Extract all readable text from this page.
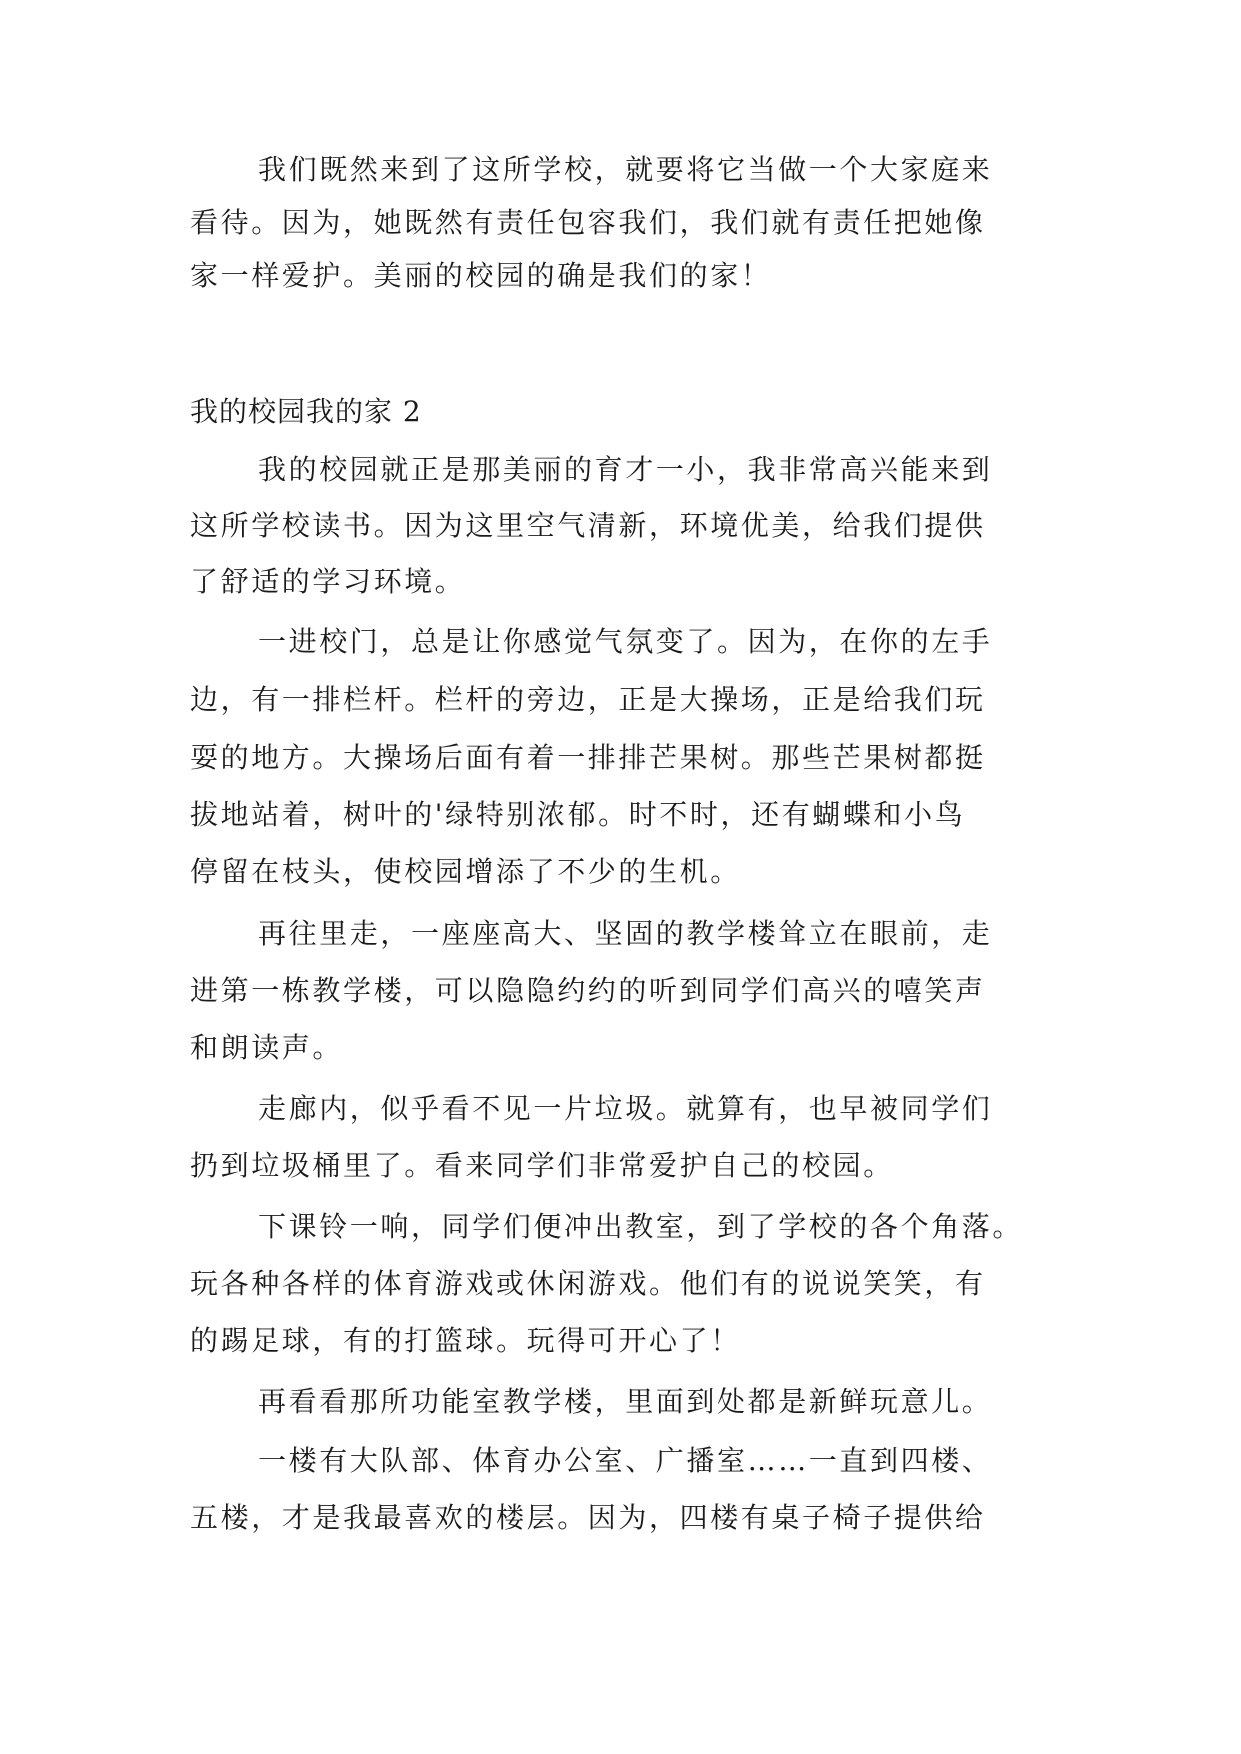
我们既然来到了这所学校，就要将它当做一个大家庭来
看待。因为，她既然有责任包容我们，我们就有责任把她像
家一样爱护。美丽的校园的确是我们的家！
我的校园我的家 2
我的校园就正是那美丽的育才一小，我非常高兴能来到
这所学校读书。因为这里空气清新，环境优美，给我们提供
了舒适的学习环境。
一进校门，总是让你感觉气氛变了。因为，在你的左手
边，有一排栏杆。栏杆的旁边，正是大操场，正是给我们玩
耍的地方。大操场后面有着一排排芒果树。那些芒果树都挺
拔地站着，树叶的'绿特别浓郁。时不时，还有蝴蝶和小鸟
停留在枝头，使校园增添了不少的生机。
再往里走，一座座高大、坚固的教学楼耸立在眼前，走
进第一栋教学楼，可以隐隐约约的听到同学们高兴的嘻笑声
和朗读声。
走廊内，似乎看不见一片垃圾。就算有，也早被同学们
扔到垃圾桶里了。看来同学们非常爱护自己的校园。
下课铃一响，同学们便冲出教室，到了学校的各个角落。
玩各种各样的体育游戏或休闲游戏。他们有的说说笑笑，有
的踢足球，有的打篮球。玩得可开心了！
再看看那所功能室教学楼，里面到处都是新鲜玩意儿。
一楼有大队部、体育办公室、广播室……一直到四楼、
五楼，才是我最喜欢的楼层。因为，四楼有桌子椅子提供给
